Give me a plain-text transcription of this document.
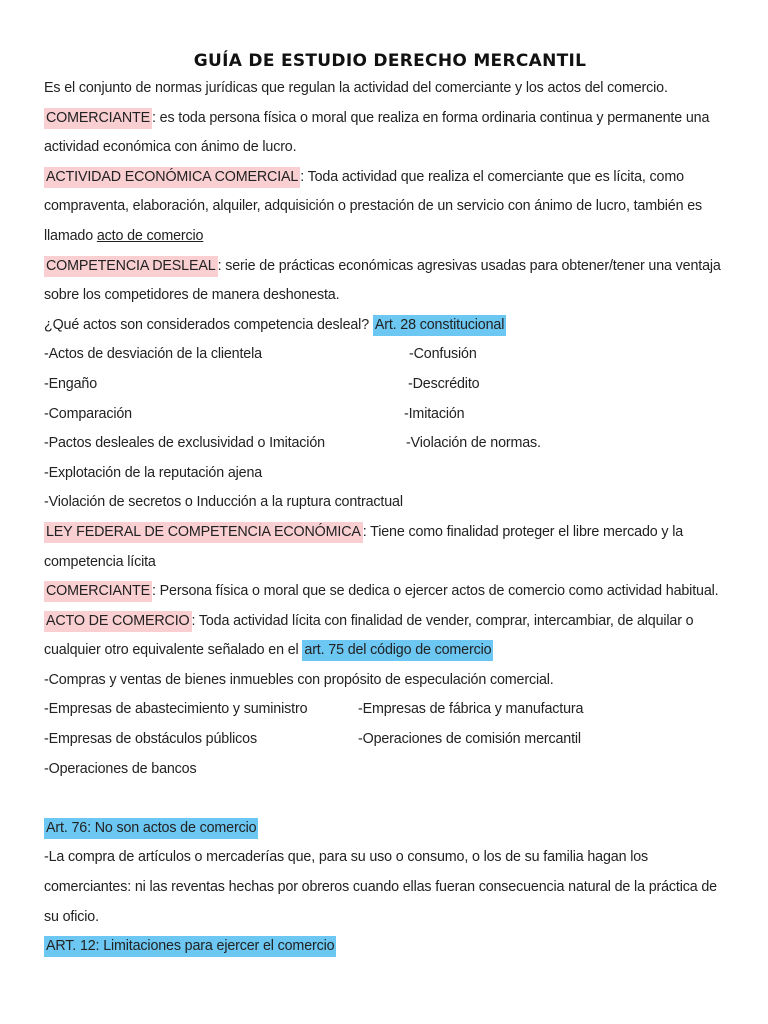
GUÍA DE ESTUDIO DERECHO MERCANTIL
Es el conjunto de normas jurídicas que regulan la actividad del comerciante y los actos del comercio.
COMERCIANTE : es toda persona física o moral que realiza en forma ordinaria continua y permanente una
actividad económica con ánimo de lucro.
ACTIVIDAD ECONÓMICA COMERCIAL : Toda actividad que realiza el comerciante que es lícita, como
compraventa, elaboración, alquiler, adquisición o prestación de un servicio con ánimo de lucro, también es
llamado acto de comercio
COMPETENCIA DESLEAL : serie de prácticas económicas agresivas usadas para obtener/tener una ventaja
sobre los competidores de manera deshonesta.
¿Qué actos son considerados competencia desleal? Art. 28 constitucional
-Actos de desviación de la clientela	-Confusión
-Engaño	-Descrédito
-Comparación	-Imitación
-Pactos desleales de exclusividad o Imitación	-Violación de normas.
-Explotación de la reputación ajena
-Violación de secretos o Inducción a la ruptura contractual
LEY FEDERAL DE COMPETENCIA ECONÓMICA : Tiene como finalidad proteger el libre mercado y la
competencia lícita
COMERCIANTE : Persona física o moral que se dedica o ejercer actos de comercio como actividad habitual.
ACTO DE COMERCIO : Toda actividad lícita con finalidad de vender, comprar, intercambiar, de alquilar o
cualquier otro equivalente señalado en el art. 75 del código de comercio
-Compras y ventas de bienes inmuebles con propósito de especulación comercial.
-Empresas de abastecimiento y suministro	-Empresas de fábrica y manufactura
-Empresas de obstáculos públicos	-Operaciones de comisión mercantil
-Operaciones de bancos
Art. 76: No son actos de comercio
-La compra de artículos o mercaderías que, para su uso o consumo, o los de su familia hagan los
comerciantes: ni las reventas hechas por obreros cuando ellas fueran consecuencia natural de la práctica de
su oficio.
ART. 12: Limitaciones para ejercer el comercio
